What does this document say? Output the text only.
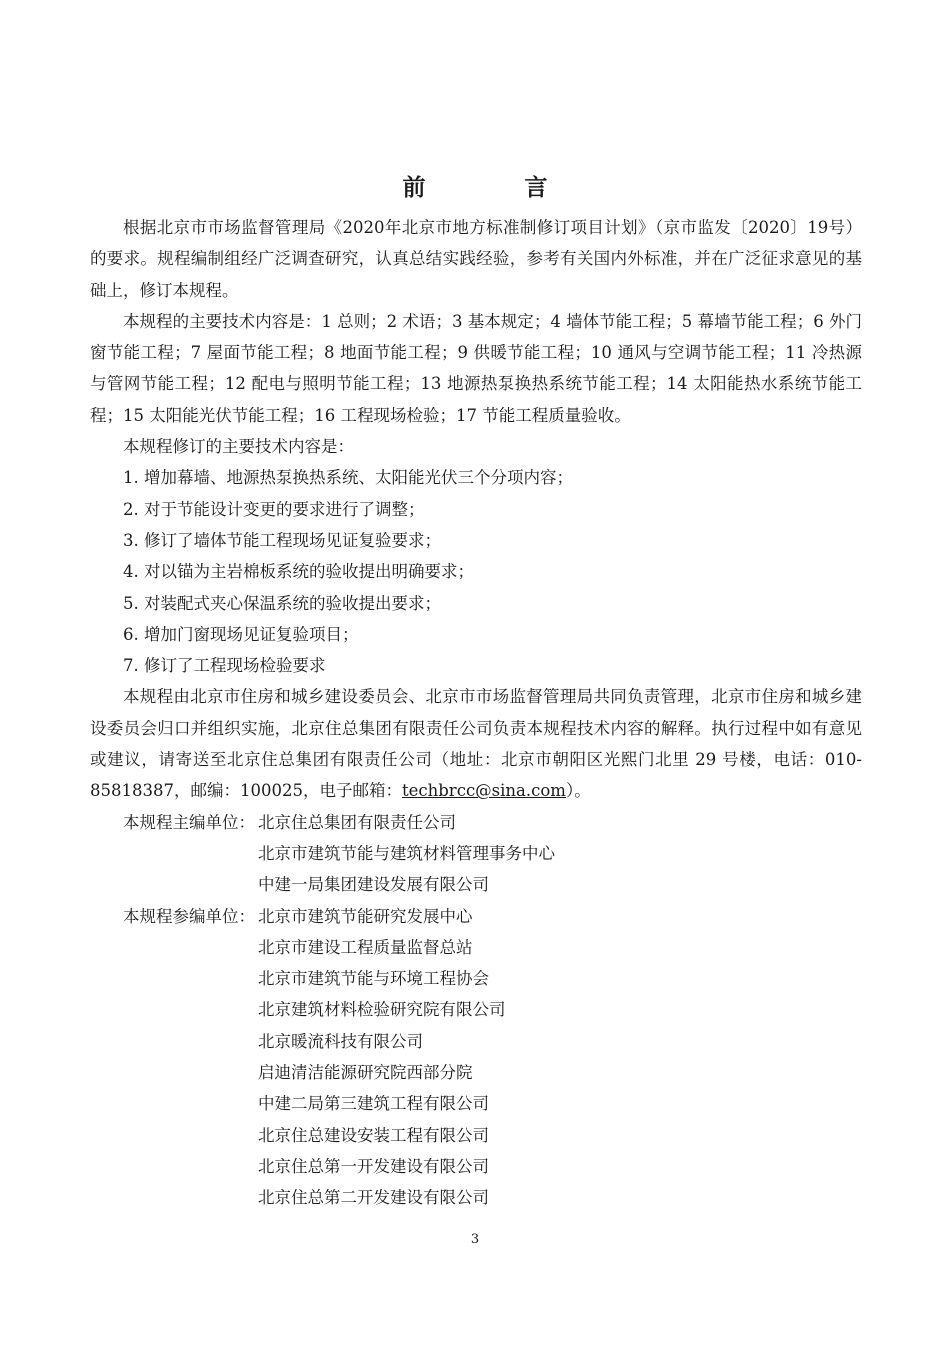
前　言

根据北京市市场监督管理局《2020年北京市地方标准制修订项目计划》（京市监发〔2020〕19号）的要求。规程编制组经广泛调查研究，认真总结实践经验，参考有关国内外标准，并在广泛征求意见的基础上，修订本规程。

本规程的主要技术内容是：1 总则；2 术语；3 基本规定；4 墙体节能工程；5 幕墙节能工程；6 外门窗节能工程；7 屋面节能工程；8 地面节能工程；9 供暖节能工程；10 通风与空调节能工程；11 冷热源与管网节能工程；12 配电与照明节能工程；13 地源热泵换热系统节能工程；14 太阳能热水系统节能工程；15 太阳能光伏节能工程；16 工程现场检验；17 节能工程质量验收。

本规程修订的主要技术内容是：

1. 增加幕墙、地源热泵换热系统、太阳能光伏三个分项内容；

2. 对于节能设计变更的要求进行了调整；

3. 修订了墙体节能工程现场见证复验要求；

4. 对以锚为主岩棉板系统的验收提出明确要求；

5. 对装配式夹心保温系统的验收提出要求；

6. 增加门窗现场见证复验项目；

7. 修订了工程现场检验要求

本规程由北京市住房和城乡建设委员会、北京市市场监督管理局共同负责管理，北京市住房和城乡建设委员会归口并组织实施，北京住总集团有限责任公司负责本规程技术内容的解释。执行过程中如有意见或建议，请寄送至北京住总集团有限责任公司（地址：北京市朝阳区光熙门北里 29 号楼，电话：010-85818387，邮编：100025，电子邮箱：techbrcc@sina.com）。

本规程主编单位： 北京住总集团有限责任公司
北京市建筑节能与建筑材料管理事务中心
中建一局集团建设发展有限公司
本规程参编单位： 北京市建筑节能研究发展中心
北京市建设工程质量监督总站
北京市建筑节能与环境工程协会
北京建筑材料检验研究院有限公司
北京暖流科技有限公司
启迪清洁能源研究院西部分院
中建二局第三建筑工程有限公司
北京住总建设安装工程有限公司
北京住总第一开发建设有限公司
北京住总第二开发建设有限公司
3
